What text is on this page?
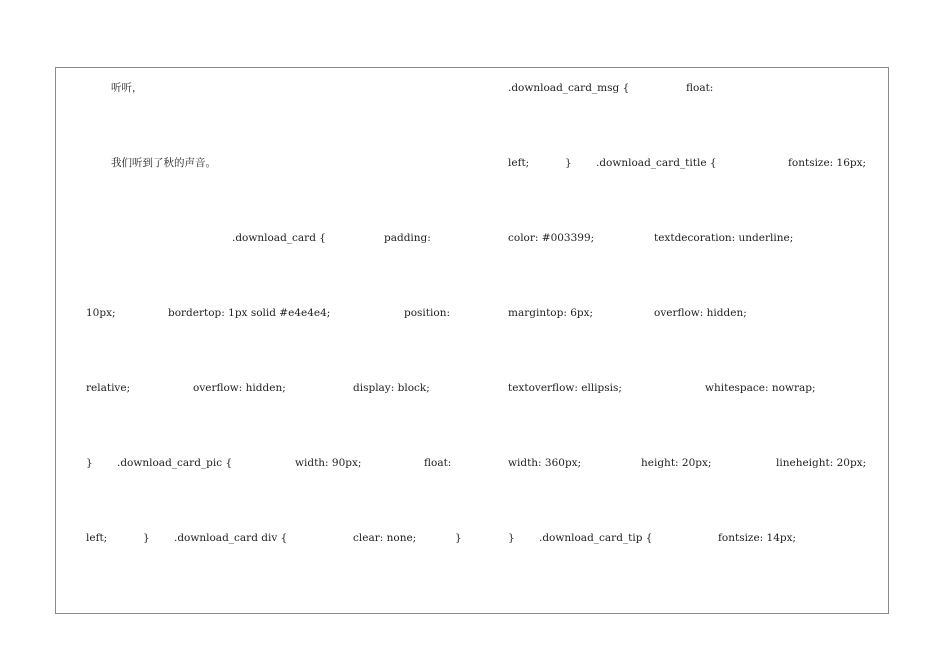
听听，

我们听到了秋的声音。

.download_card {

	padding:

10px;

	bordertop: 1px solid #e4e4e4;

	position:

relative;

	overflow: hidden;

	display: block;

}

.download_card_pic {

	width: 90px;

	float:

left;

	}

.download_card div {

	clear: none;

	}

.download_card_msg {

	float:

left;

	}

.download_card_title {

	fontsize: 16px;

color: #003399;

	textdecoration: underline;

margintop: 6px;

	overflow: hidden;

textoverflow: ellipsis;

	whitespace: nowrap;

width: 360px;

	height: 20px;

	lineheight: 20px;

}

.download_card_tip {

	fontsize: 14px;
